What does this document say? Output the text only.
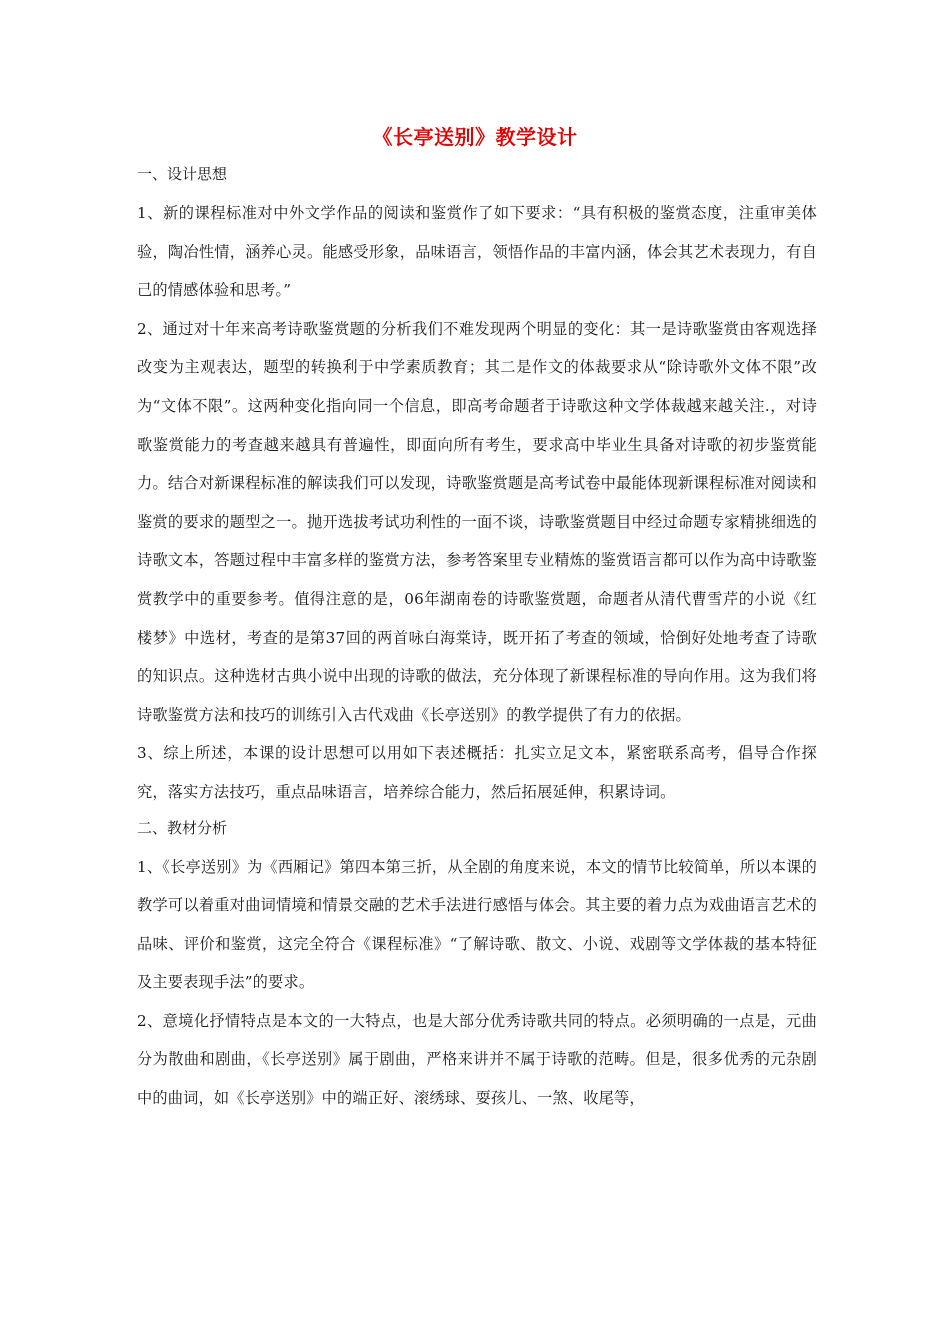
《长亭送别》教学设计
一、设计思想

1、新的课程标准对中外文学作品的阅读和鉴赏作了如下要求：“具有积极的鉴赏态度，注重审美体验，陶冶性情，涵养心灵。能感受形象，品味语言，领悟作品的丰富内涵，体会其艺术表现力，有自己的情感体验和思考。”

2、通过对十年来高考诗歌鉴赏题的分析我们不难发现两个明显的变化：其一是诗歌鉴赏由客观选择改变为主观表达，题型的转换利于中学素质教育；其二是作文的体裁要求从“除诗歌外文体不限”改为“文体不限”。这两种变化指向同一个信息，即高考命题者于诗歌这种文学体裁越来越关注.，对诗歌鉴赏能力的考查越来越具有普遍性，即面向所有考生，要求高中毕业生具备对诗歌的初步鉴赏能力。结合对新课程标准的解读我们可以发现，诗歌鉴赏题是高考试卷中最能体现新课程标准对阅读和鉴赏的要求的题型之一。抛开选拔考试功利性的一面不谈，诗歌鉴赏题目中经过命题专家精挑细选的诗歌文本，答题过程中丰富多样的鉴赏方法，参考答案里专业精炼的鉴赏语言都可以作为高中诗歌鉴赏教学中的重要参考。值得注意的是，06年湖南卷的诗歌鉴赏题，命题者从清代曹雪芹的小说《红楼梦》中选材，考查的是第37回的两首咏白海棠诗，既开拓了考查的领域，恰倒好处地考查了诗歌的知识点。这种选材古典小说中出现的诗歌的做法，充分体现了新课程标准的导向作用。这为我们将诗歌鉴赏方法和技巧的训练引入古代戏曲《长亭送别》的教学提供了有力的依据。

3、综上所述，本课的设计思想可以用如下表述概括：扎实立足文本，紧密联系高考，倡导合作探究，落实方法技巧，重点品味语言，培养综合能力，然后拓展延伸，积累诗词。

二、教材分析

1、《长亭送别》为《西厢记》第四本第三折，从全剧的角度来说，本文的情节比较简单，所以本课的教学可以着重对曲词情境和情景交融的艺术手法进行感悟与体会。其主要的着力点为戏曲语言艺术的品味、评价和鉴赏，这完全符合《课程标准》“了解诗歌、散文、小说、戏剧等文学体裁的基本特征及主要表现手法”的要求。

2、意境化抒情特点是本文的一大特点，也是大部分优秀诗歌共同的特点。必须明确的一点是，元曲分为散曲和剧曲，《长亭送别》属于剧曲，严格来讲并不属于诗歌的范畴。但是，很多优秀的元杂剧中的曲词，如《长亭送别》中的端正好、滚绣球、耍孩儿、一煞、收尾等，
